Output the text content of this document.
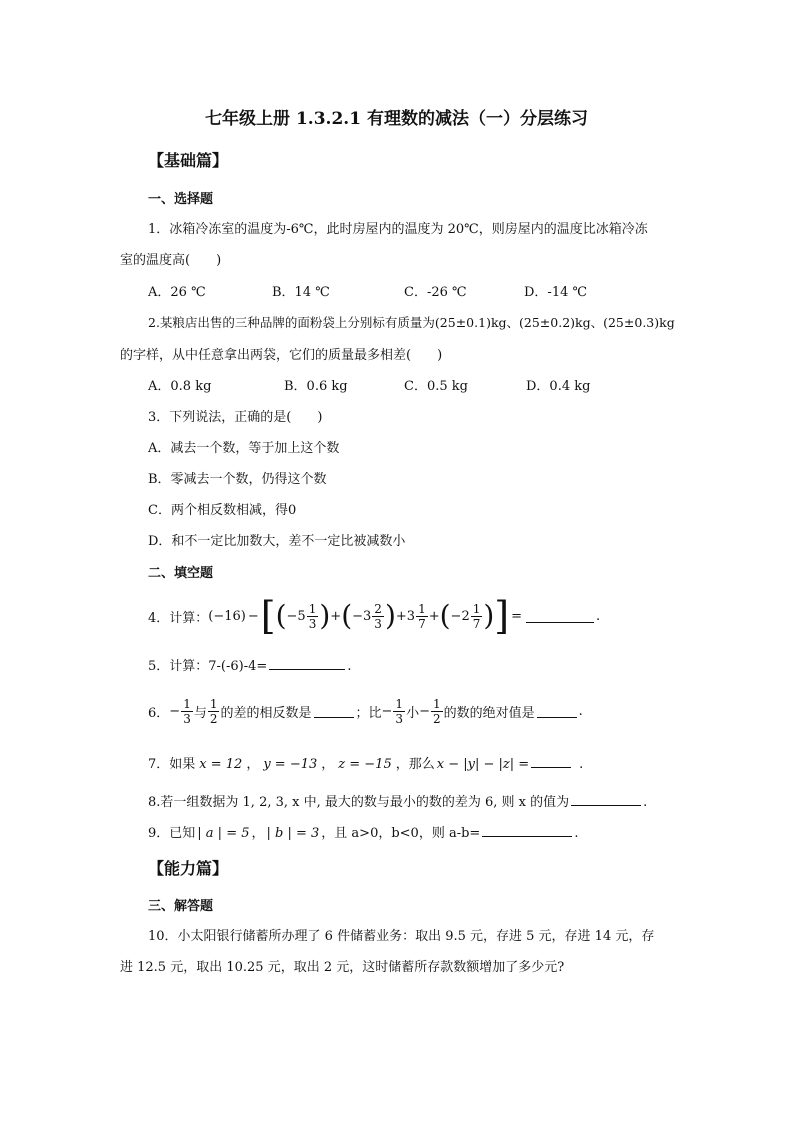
七年级上册 1.3.2.1 有理数的减法（一）分层练习
【基础篇】
一、选择题
1．冰箱冷冻室的温度为-6℃，此时房屋内的温度为 20℃，则房屋内的温度比冰箱冷冻
室的温度高(　　)
A．26 ℃	B．14 ℃	C．-26 ℃	D．-14 ℃
2.某粮店出售的三种品牌的面粉袋上分别标有质量为(25±0.1)kg、(25±0.2)kg、(25±0.3)kg
的字样，从中任意拿出两袋，它们的质量最多相差(　　)
A．0.8 kg	B．0.6 kg	C．0.5 kg	D．0.4 kg
3．下列说法，正确的是(　　)
A．减去一个数，等于加上这个数
B．零减去一个数，仍得这个数
C．两个相反数相减，得0
D．和不一定比加数大，差不一定比被减数小
二、填空题
4．计算： (−16) − [ ( $-5 \frac{1}{3}$ ) + ( $-3 \frac{2}{3}$ ) + $3 \frac{1}{7}$ + ( $-2 \frac{1}{7}$ ) ] =	.
5．计算：7-(-6)-4=	.
6． − $\frac{1}{3}$ 与 $\frac{1}{2}$ 的差的相反数是	；比 − $\frac{1}{3}$ 小 − $\frac{1}{2}$ 的数的绝对值是	.
7．如果 x = 12 ， y = −13 ， z = −15 ，那么 x − |y| − |z| =	.
8.若一组数据为 1, 2, 3, x 中, 最大的数与最小的数的差为 6, 则 x 的值为	.
9．已知 | a | = 5 ， | b | = 3 ，且 a>0，b<0，则 a-b=	.
【能力篇】
三、解答题
10．小太阳银行储蓄所办理了 6 件储蓄业务：取出 9.5 元，存进 5 元，存进 14 元，存
进 12.5 元，取出 10.25 元，取出 2 元，这时储蓄所存款数额增加了多少元?
